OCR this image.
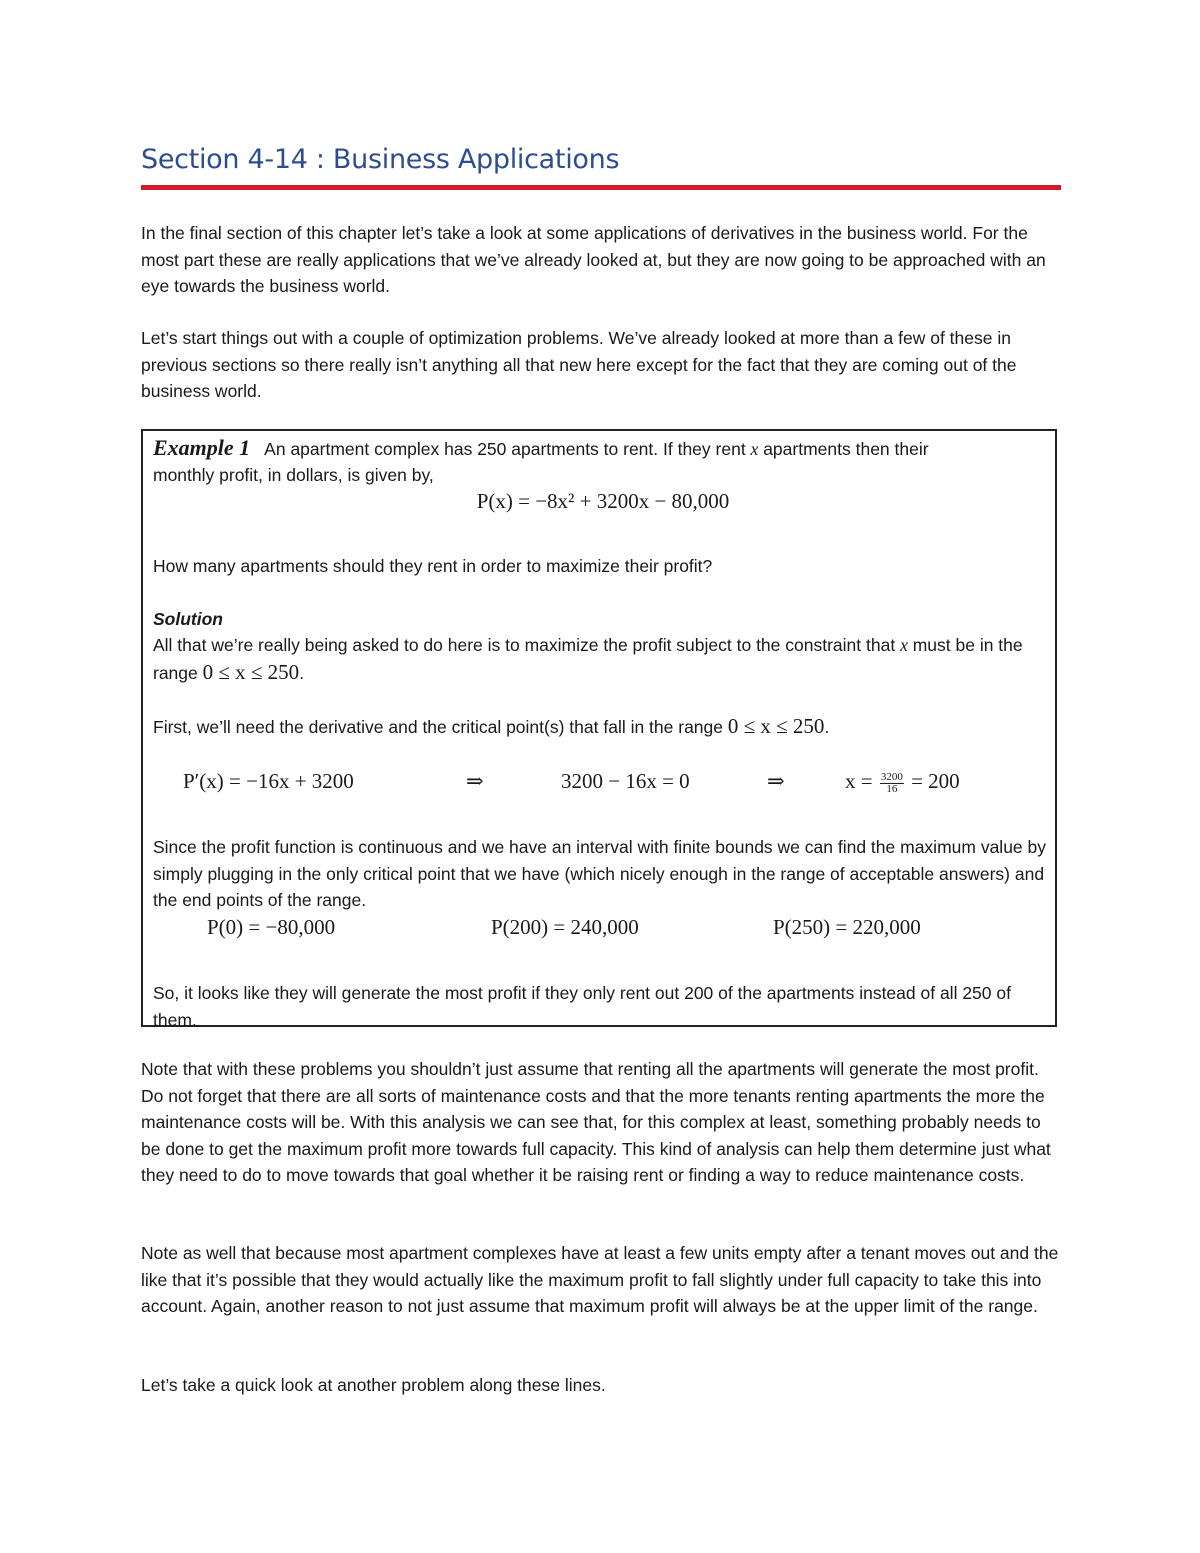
Section 4-14 : Business Applications

In the final section of this chapter let’s take a look at some applications of derivatives in the business world. For the most part these are really applications that we’ve already looked at, but they are now going to be approached with an eye towards the business world.

Let’s start things out with a couple of optimization problems. We’ve already looked at more than a few of these in previous sections so there really isn’t anything all that new here except for the fact that they are coming out of the business world.

Example 1 An apartment complex has 250 apartments to rent. If they rent x apartments then their
monthly profit, in dollars, is given by,
P(x) = −8x² + 3200x − 80,000
How many apartments should they rent in order to maximize their profit?
Solution
All that we’re really being asked to do here is to maximize the profit subject to the constraint that x must be in the range 0 ≤ x ≤ 250.
First, we’ll need the derivative and the critical point(s) that fall in the range 0 ≤ x ≤ 250.
P′(x) = −16x + 3200	⇒	3200 − 16x = 0	⇒	$x = \frac{3200}{16} = 200$
Since the profit function is continuous and we have an interval with finite bounds we can find the maximum value by simply plugging in the only critical point that we have (which nicely enough in the range of acceptable answers) and the end points of the range.
P(0) = −80,000	P(200) = 240,000	P(250) = 220,000
So, it looks like they will generate the most profit if they only rent out 200 of the apartments instead of all 250 of them.

Note that with these problems you shouldn’t just assume that renting all the apartments will generate the most profit. Do not forget that there are all sorts of maintenance costs and that the more tenants renting apartments the more the maintenance costs will be. With this analysis we can see that, for this complex at least, something probably needs to be done to get the maximum profit more towards full capacity. This kind of analysis can help them determine just what they need to do to move towards that goal whether it be raising rent or finding a way to reduce maintenance costs.

Note as well that because most apartment complexes have at least a few units empty after a tenant moves out and the like that it’s possible that they would actually like the maximum profit to fall slightly under full capacity to take this into account. Again, another reason to not just assume that maximum profit will always be at the upper limit of the range.

Let’s take a quick look at another problem along these lines.
